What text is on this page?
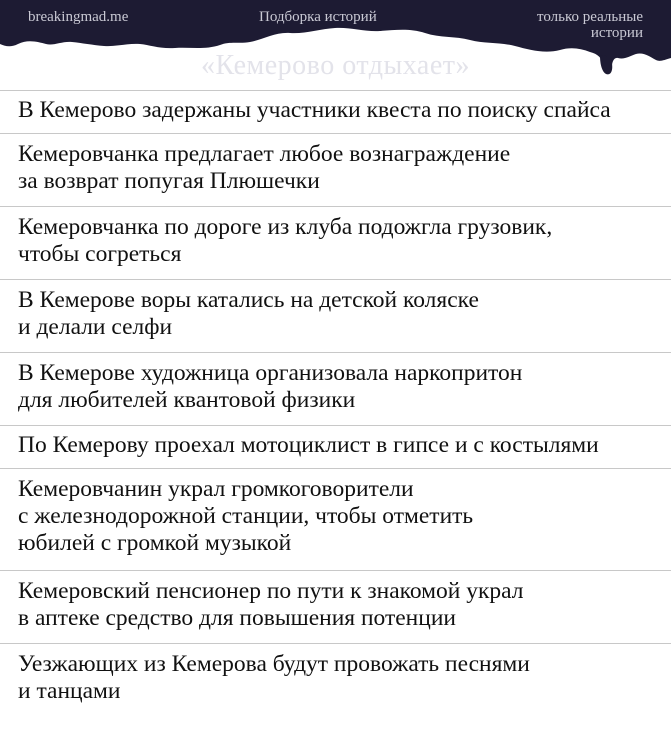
breakingmad.me	Подборка историй	только реальные
истории
«Кемерово отдыхает»
В Кемерово задержаны участники квеста по поиску спайса
Кемеровчанка предлагает любое вознаграждение
за возврат попугая Плюшечки
Кемеровчанка по дороге из клуба подожгла грузовик,
чтобы согреться
В Кемерове воры катались на детской коляске
и делали селфи
В Кемерове художница организовала наркопритон
для любителей квантовой физики
По Кемерову проехал мотоциклист в гипсе и с костылями
Кемеровчанин украл громкоговорители
с железнодорожной станции, чтобы отметить
юбилей с громкой музыкой
Кемеровский пенсионер по пути к знакомой украл
в аптеке средство для повышения потенции
Уезжающих из Кемерова будут провожать песнями
и танцами
